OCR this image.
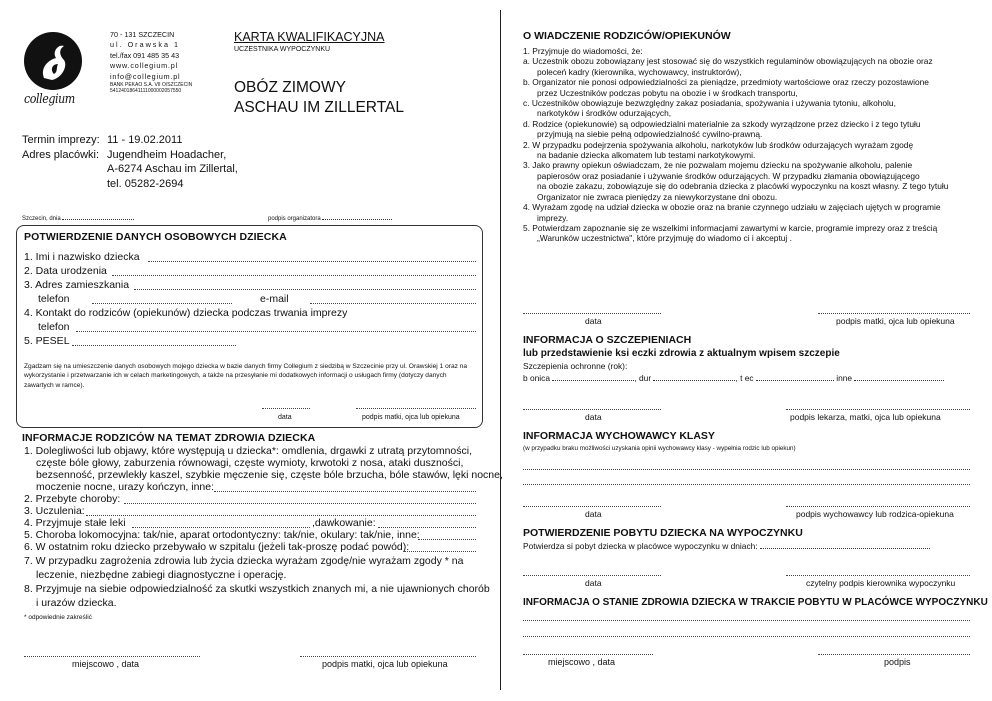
collegium
70 - 131 SZCZECIN
ul. Orawska 1
tel./fax 091 485 35 43
www.collegium.pl
info@collegium.pl
BANK PEKAO S.A. VII O/SZCZECIN
54124018641111000002057550
KARTA KWALIFIKACYJNA
UCZESTNIKA WYPOCZYNKU
OBÓZ ZIMOWY
ASCHAU IM ZILLERTAL
Termin imprezy: 11 - 19.02.2011
Adres placówki: Jugendheim Hoadacher,
A-6274 Aschau im Zillertal,
tel. 05282-2694
Szczecin, dnia	podpis organizatora
POTWIERDZENIE DANYCH OSOBOWYCH DZIECKA
1. Imi i nazwisko dziecka
2. Data urodzenia
3. Adres zamieszkania
telefon	e-mail
4. Kontakt do rodziców (opiekunów) dziecka podczas trwania imprezy
telefon
5. PESEL
Zgadzam się na umieszczenie danych osobowych mojego dziecka w bazie danych firmy Collegium z siedzibą w Szczecinie przy ul. Orawskiej 1 oraz na wykorzystanie i przetwarzanie ich w celach marketingowych, a także na przesyłanie mi dodatkowych informacji o usługach firmy (dotyczy danych zawartych w ramce).
data	podpis matki, ojca lub opiekuna
INFORMACJE RODZICÓW NA TEMAT ZDROWIA DZIECKA
1. Dolegliwości lub objawy, które występują u dziecka*: omdlenia, drgawki z utratą przytomności,
częste bóle głowy, zaburzenia równowagi, częste wymioty, krwotoki z nosa, ataki duszności,
bezsenność, przewlekły kaszel, szybkie męczenie się, częste bóle brzucha, bóle stawów, lęki nocne,
moczenie nocne, urazy kończyn, inne:
2. Przebyte choroby:
3. Uczulenia:
4. Przyjmuje stałe leki	,dawkowanie:
5. Choroba lokomocyjna: tak/nie, aparat ortodontyczny: tak/nie, okulary: tak/nie, inne:
6. W ostatnim roku dziecko przebywało w szpitalu (jeżeli tak-proszę podać powód):
7. W przypadku zagrożenia zdrowia lub życia dziecka wyrażam zgodę/nie wyrażam zgody * na
leczenie, niezbędne zabiegi diagnostyczne i operację.
8. Przyjmuje na siebie odpowiedzialność za skutki wszystkich znanych mi, a nie ujawnionych chorób
i urazów dziecka.
* odpowiednie zakreślić
miejscowo , data	podpis matki, ojca lub opiekuna
O WIADCZENIE RODZICÓW/OPIEKUNÓW
1. Przyjmuje do wiadomości, że:
a. Uczestnik obozu zobowiązany jest stosować się do wszystkich regulaminów obowiązujących na obozie oraz
poleceń kadry (kierownika, wychowawcy, instruktorów),
b. Organizator nie ponosi odpowiedzialności za pieniądze, przedmioty wartościowe oraz rzeczy pozostawione
przez Uczestników podczas pobytu na obozie i w środkach transportu,
c. Uczestników obowiązuje bezwzględny zakaz posiadania, spożywania i używania tytoniu, alkoholu,
narkotyków i środków odurzających,
d. Rodzice (opiekunowie) są odpowiedzialni materialnie za szkody wyrządzone przez dziecko i z tego tytułu
przyjmują na siebie pełną odpowiedzialność cywilno-prawną.
2. W przypadku podejrzenia spożywania alkoholu, narkotyków lub środków odurzających wyrażam zgodę
na badanie dziecka alkomatem lub testami narkotykowymi.
3. Jako prawny opiekun oświadczam, że nie pozwalam mojemu dziecku na spożywanie alkoholu, palenie
papierosów oraz posiadanie i używanie środków odurzających. W przypadku złamania obowiązującego
na obozie zakazu, zobowiązuje się do odebrania dziecka z placówki wypoczynku na koszt własny. Z tego tytułu
Organizator nie zwraca pieniędzy za niewykorzystane dni obozu.
4. Wyrażam zgodę na udział dziecka w obozie oraz na branie czynnego udziału w zajęciach ujętych w programie
imprezy.
5. Potwierdzam zapoznanie się ze wszelkimi informacjami zawartymi w karcie, programie imprezy oraz z treścią
„Warunków uczestnictwa", które przyjmuję do wiadomo ci i akceptuj .
data	podpis matki, ojca lub opiekuna
INFORMACJA O SZCZEPIENIACH
lub przedstawienie ksi eczki zdrowia z aktualnym wpisem szczepie
Szczepienia ochronne (rok):
b onica	, dur	, t ec	inne
data	podpis lekarza, matki, ojca lub opiekuna
INFORMACJA WYCHOWAWCY KLASY
(w przypadku braku możliwości uzyskania opinii wychowawcy klasy - wypełnia rodzic lub opiekun)
data	podpis wychowawcy lub rodzica-opiekuna
POTWIERDZENIE POBYTU DZIECKA NA WYPOCZYNKU
Potwierdza si pobyt dziecka w placówce wypoczynku w dniach:
data	czytelny podpis kierownika wypoczynku
INFORMACJA O STANIE ZDROWIA DZIECKA W TRAKCIE POBYTU W PLACÓWCE WYPOCZYNKU
miejscowo , data	podpis
